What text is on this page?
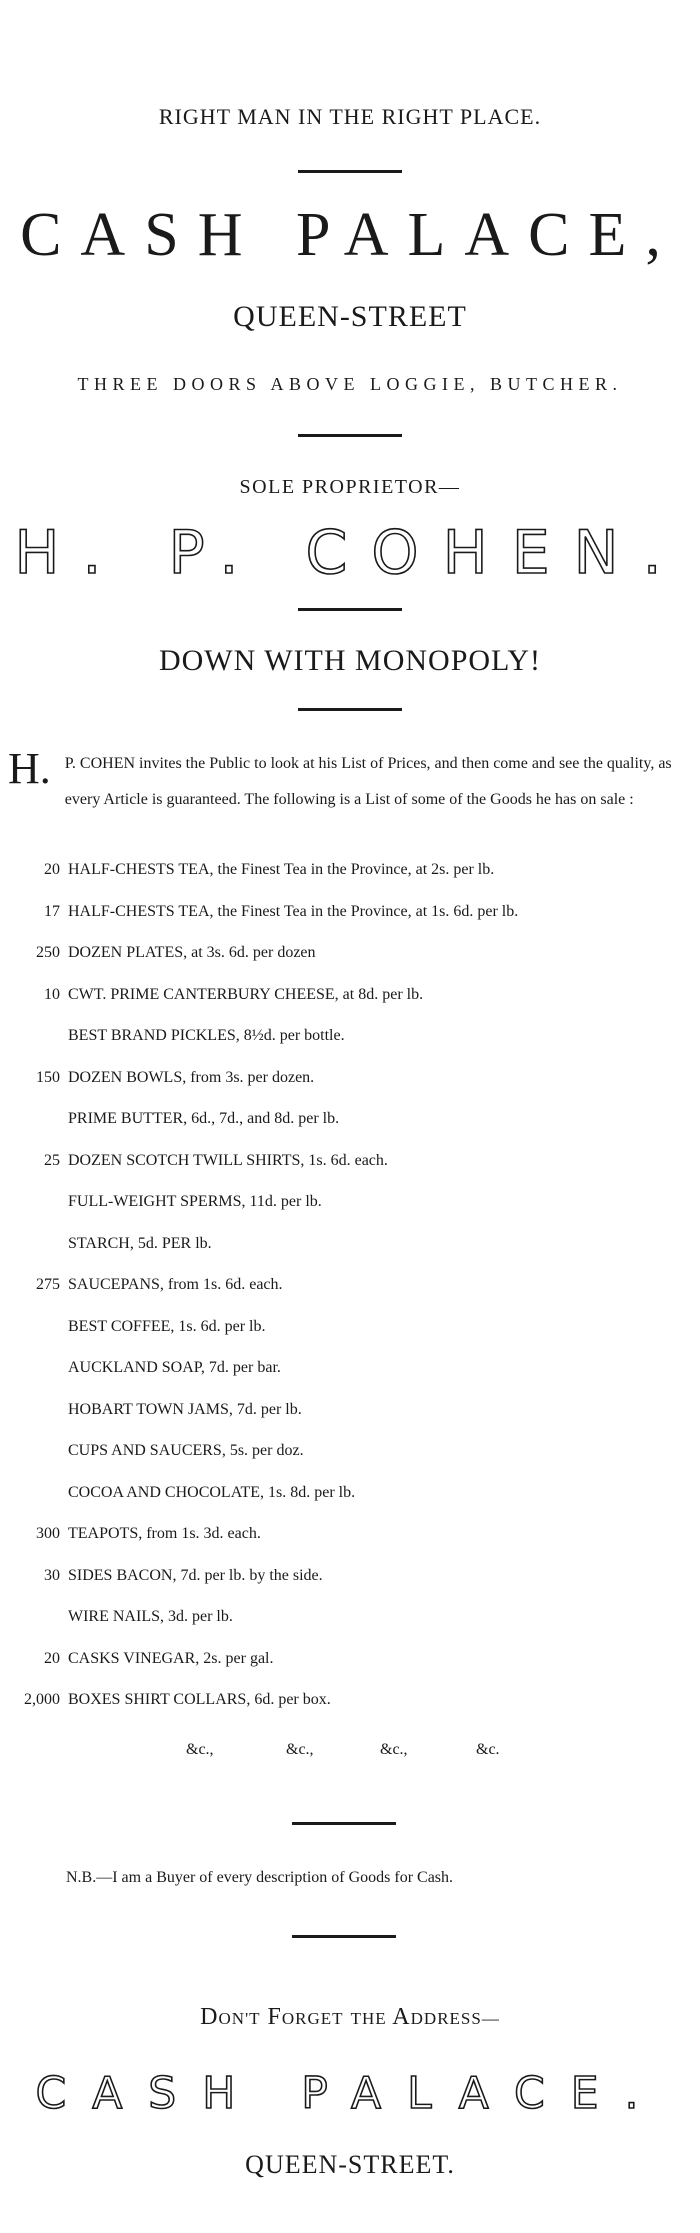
RIGHT MAN IN THE RIGHT PLACE.
CASH PALACE,
QUEEN-STREET
THREE DOORS ABOVE LOGGIE, BUTCHER.
SOLE PROPRIETOR—
H. P. COHEN.
DOWN WITH MONOPOLY!
H. P. COHEN invites the Public to look at his List of Prices, and then come and see the quality, as every Article is guaranteed. The following is a List of some of the Goods he has on sale :
20 HALF-CHESTS TEA, the Finest Tea in the Province, at 2s. per lb.
17 HALF-CHESTS TEA, the Finest Tea in the Province, at 1s. 6d. per lb.
250 DOZEN PLATES, at 3s. 6d. per dozen
10 CWT. PRIME CANTERBURY CHEESE, at 8d. per lb.
BEST BRAND PICKLES, 8½d. per bottle.
150 DOZEN BOWLS, from 3s. per dozen.
PRIME BUTTER, 6d., 7d., and 8d. per lb.
25 DOZEN SCOTCH TWILL SHIRTS, 1s. 6d. each.
FULL-WEIGHT SPERMS, 11d. per lb.
STARCH, 5d. PER lb.
275 SAUCEPANS, from 1s. 6d. each.
BEST COFFEE, 1s. 6d. per lb.
AUCKLAND SOAP, 7d. per bar.
HOBART TOWN JAMS, 7d. per lb.
CUPS AND SAUCERS, 5s. per doz.
COCOA AND CHOCOLATE, 1s. 8d. per lb.
300 TEAPOTS, from 1s. 3d. each.
30 SIDES BACON, 7d. per lb. by the side.
WIRE NAILS, 3d. per lb.
20 CASKS VINEGAR, 2s. per gal.
2,000 BOXES SHIRT COLLARS, 6d. per box.
&c.,	&c.,	&c.,	&c.
N.B.—I am a Buyer of every description of Goods for Cash.
DON'T FORGET THE ADDRESS—
CASH PALACE.
QUEEN-STREET.
